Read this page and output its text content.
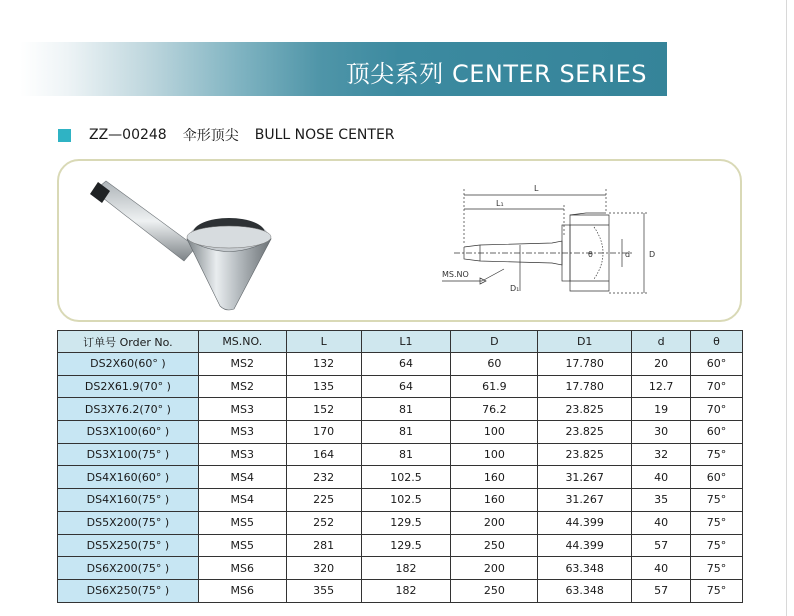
顶尖系列 CENTER SERIES
ZZ—00248 伞形顶尖 BULL NOSE CENTER
L
L₁
D
d
θ
D₁
MS.NO
订单号 Order No.	MS.NO.	L	L1	D	D1	d	θ
DS2X60(60° )	MS2	132	64	60	17.780	20	60°
DS2X61.9(70° )	MS2	135	64	61.9	17.780	12.7	70°
DS3X76.2(70° )	MS3	152	81	76.2	23.825	19	70°
DS3X100(60° )	MS3	170	81	100	23.825	30	60°
DS3X100(75° )	MS3	164	81	100	23.825	32	75°
DS4X160(60° )	MS4	232	102.5	160	31.267	40	60°
DS4X160(75° )	MS4	225	102.5	160	31.267	35	75°
DS5X200(75° )	MS5	252	129.5	200	44.399	40	75°
DS5X250(75° )	MS5	281	129.5	250	44.399	57	75°
DS6X200(75° )	MS6	320	182	200	63.348	40	75°
DS6X250(75° )	MS6	355	182	250	63.348	57	75°
